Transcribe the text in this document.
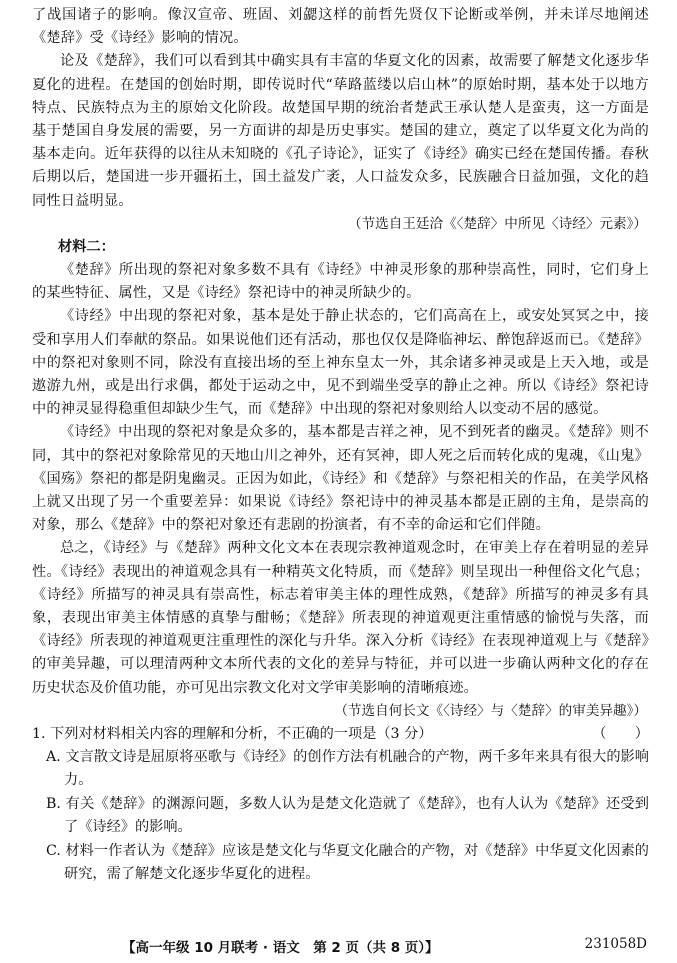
了战国诸子的影响。像汉宣帝、班固、刘勰这样的前哲先贤仅下论断或举例，并未详尽地阐述《楚辞》受《诗经》影响的情况。

论及《楚辞》，我们可以看到其中确实具有丰富的华夏文化的因素，故需要了解楚文化逐步华夏化的进程。在楚国的创始时期，即传说时代“荜路蓝缕以启山林”的原始时期，基本处于以地方特点、民族特点为主的原始文化阶段。故楚国早期的统治者楚武王承认楚人是蛮夷，这一方面是基于楚国自身发展的需要，另一方面讲的却是历史事实。楚国的建立，奠定了以华夏文化为尚的基本走向。近年获得的以往从未知晓的《孔子诗论》，证实了《诗经》确实已经在楚国传播。春秋后期以后，楚国进一步开疆拓土，国土益发广袤，人口益发众多，民族融合日益加强，文化的趋同性日益明显。

（节选自王廷洽《〈楚辞〉中所见〈诗经〉元素》）

材料二：

《楚辞》所出现的祭祀对象多数不具有《诗经》中神灵形象的那种崇高性，同时，它们身上的某些特征、属性，又是《诗经》祭祀诗中的神灵所缺少的。

《诗经》中出现的祭祀对象，基本是处于静止状态的，它们高高在上，或安处冥冥之中，接受和享用人们奉献的祭品。如果说他们还有活动，那也仅仅是降临神坛、醉饱辞返而已。《楚辞》中的祭祀对象则不同，除没有直接出场的至上神东皇太一外，其余诸多神灵或是上天入地，或是遨游九州，或是出行求偶，都处于运动之中，见不到端坐受享的静止之神。所以《诗经》祭祀诗中的神灵显得稳重但却缺少生气，而《楚辞》中出现的祭祀对象则给人以变动不居的感觉。

《诗经》中出现的祭祀对象是众多的，基本都是吉祥之神，见不到死者的幽灵。《楚辞》则不同，其中的祭祀对象除常见的天地山川之神外，还有冥神，即人死之后而转化成的鬼魂，《山鬼》《国殇》祭祀的都是阴鬼幽灵。正因为如此，《诗经》和《楚辞》与祭祀相关的作品，在美学风格上就又出现了另一个重要差异：如果说《诗经》祭祀诗中的神灵基本都是正剧的主角，是崇高的对象，那么《楚辞》中的祭祀对象还有悲剧的扮演者，有不幸的命运和它们伴随。

总之，《诗经》与《楚辞》两种文化文本在表现宗教神道观念时，在审美上存在着明显的差异性。《诗经》表现出的神道观念具有一种精英文化特质，而《楚辞》则呈现出一种俚俗文化气息；《诗经》所描写的神灵具有崇高性，标志着审美主体的理性成熟，《楚辞》所描写的神灵多有具象，表现出审美主体情感的真挚与酣畅；《楚辞》所表现的神道观更注重情感的愉悦与失落，而《诗经》所表现的神道观更注重理性的深化与升华。深入分析《诗经》在表现神道观上与《楚辞》的审美异趣，可以理清两种文本所代表的文化的差异与特征，并可以进一步确认两种文化的存在历史状态及价值功能，亦可见出宗教文化对文学审美影响的清晰痕迹。

（节选自何长文《〈诗经〉与〈楚辞〉的审美异趣》）

1. 下列对材料相关内容的理解和分析，不正确的一项是（3 分）	（　　）

A. 文言散文诗是屈原将巫歌与《诗经》的创作方法有机融合的产物，两千多年来具有很大的影响力。

B. 有关《楚辞》的渊源问题，多数人认为是楚文化造就了《楚辞》，也有人认为《楚辞》还受到了《诗经》的影响。

C. 材料一作者认为《楚辞》应该是楚文化与华夏文化融合的产物，对《楚辞》中华夏文化因素的研究，需了解楚文化逐步华夏化的进程。

【高一年级 10 月联考 · 语文　第 2 页（共 8 页）】	231058D
